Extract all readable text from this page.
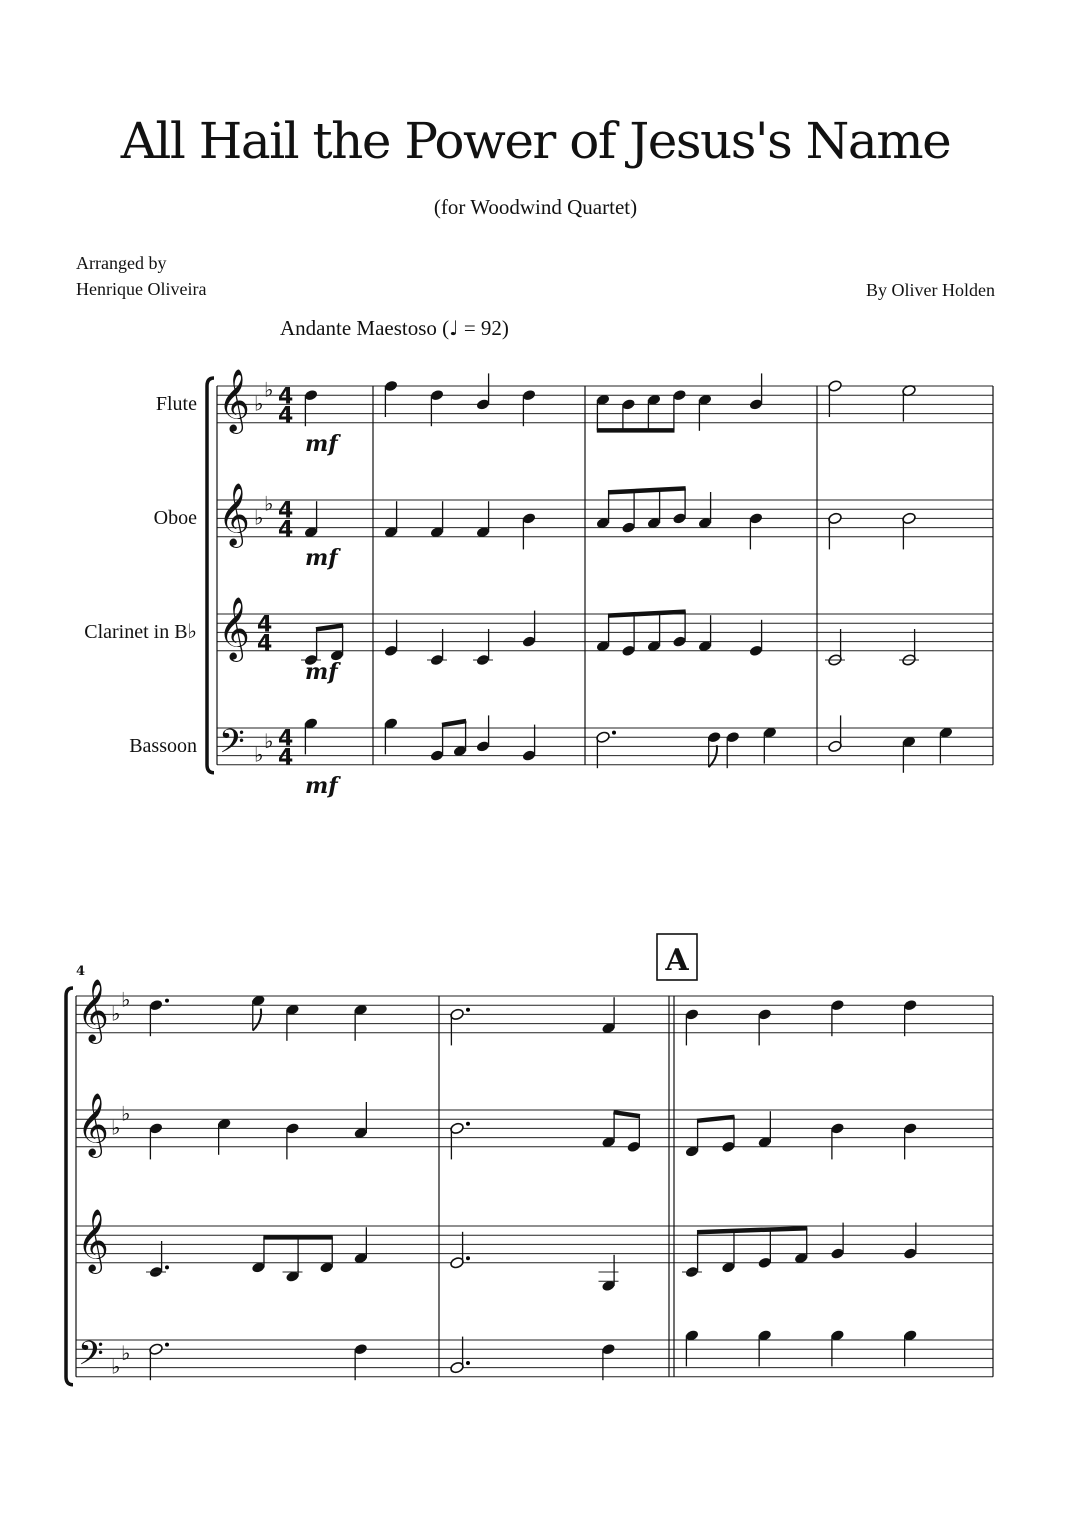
All Hail the Power of Jesus's Name
(for Woodwind Quartet)
Arranged by
Henrique Oliveira	By Oliver Holden
Andante Maestoso (♩ = 92)
Flute 𝄞 ♭
♭ 4
4
mf
Oboe 𝄞 ♭
♭ 4
4
mf
Clarinet in B♭ 𝄞 4
4
mf
Bassoon 𝄢 ♭
♭ 4
4
mf
4
𝄞 ♭
♭
𝄞 ♭
♭
𝄞
𝄢 ♭
♭
A
